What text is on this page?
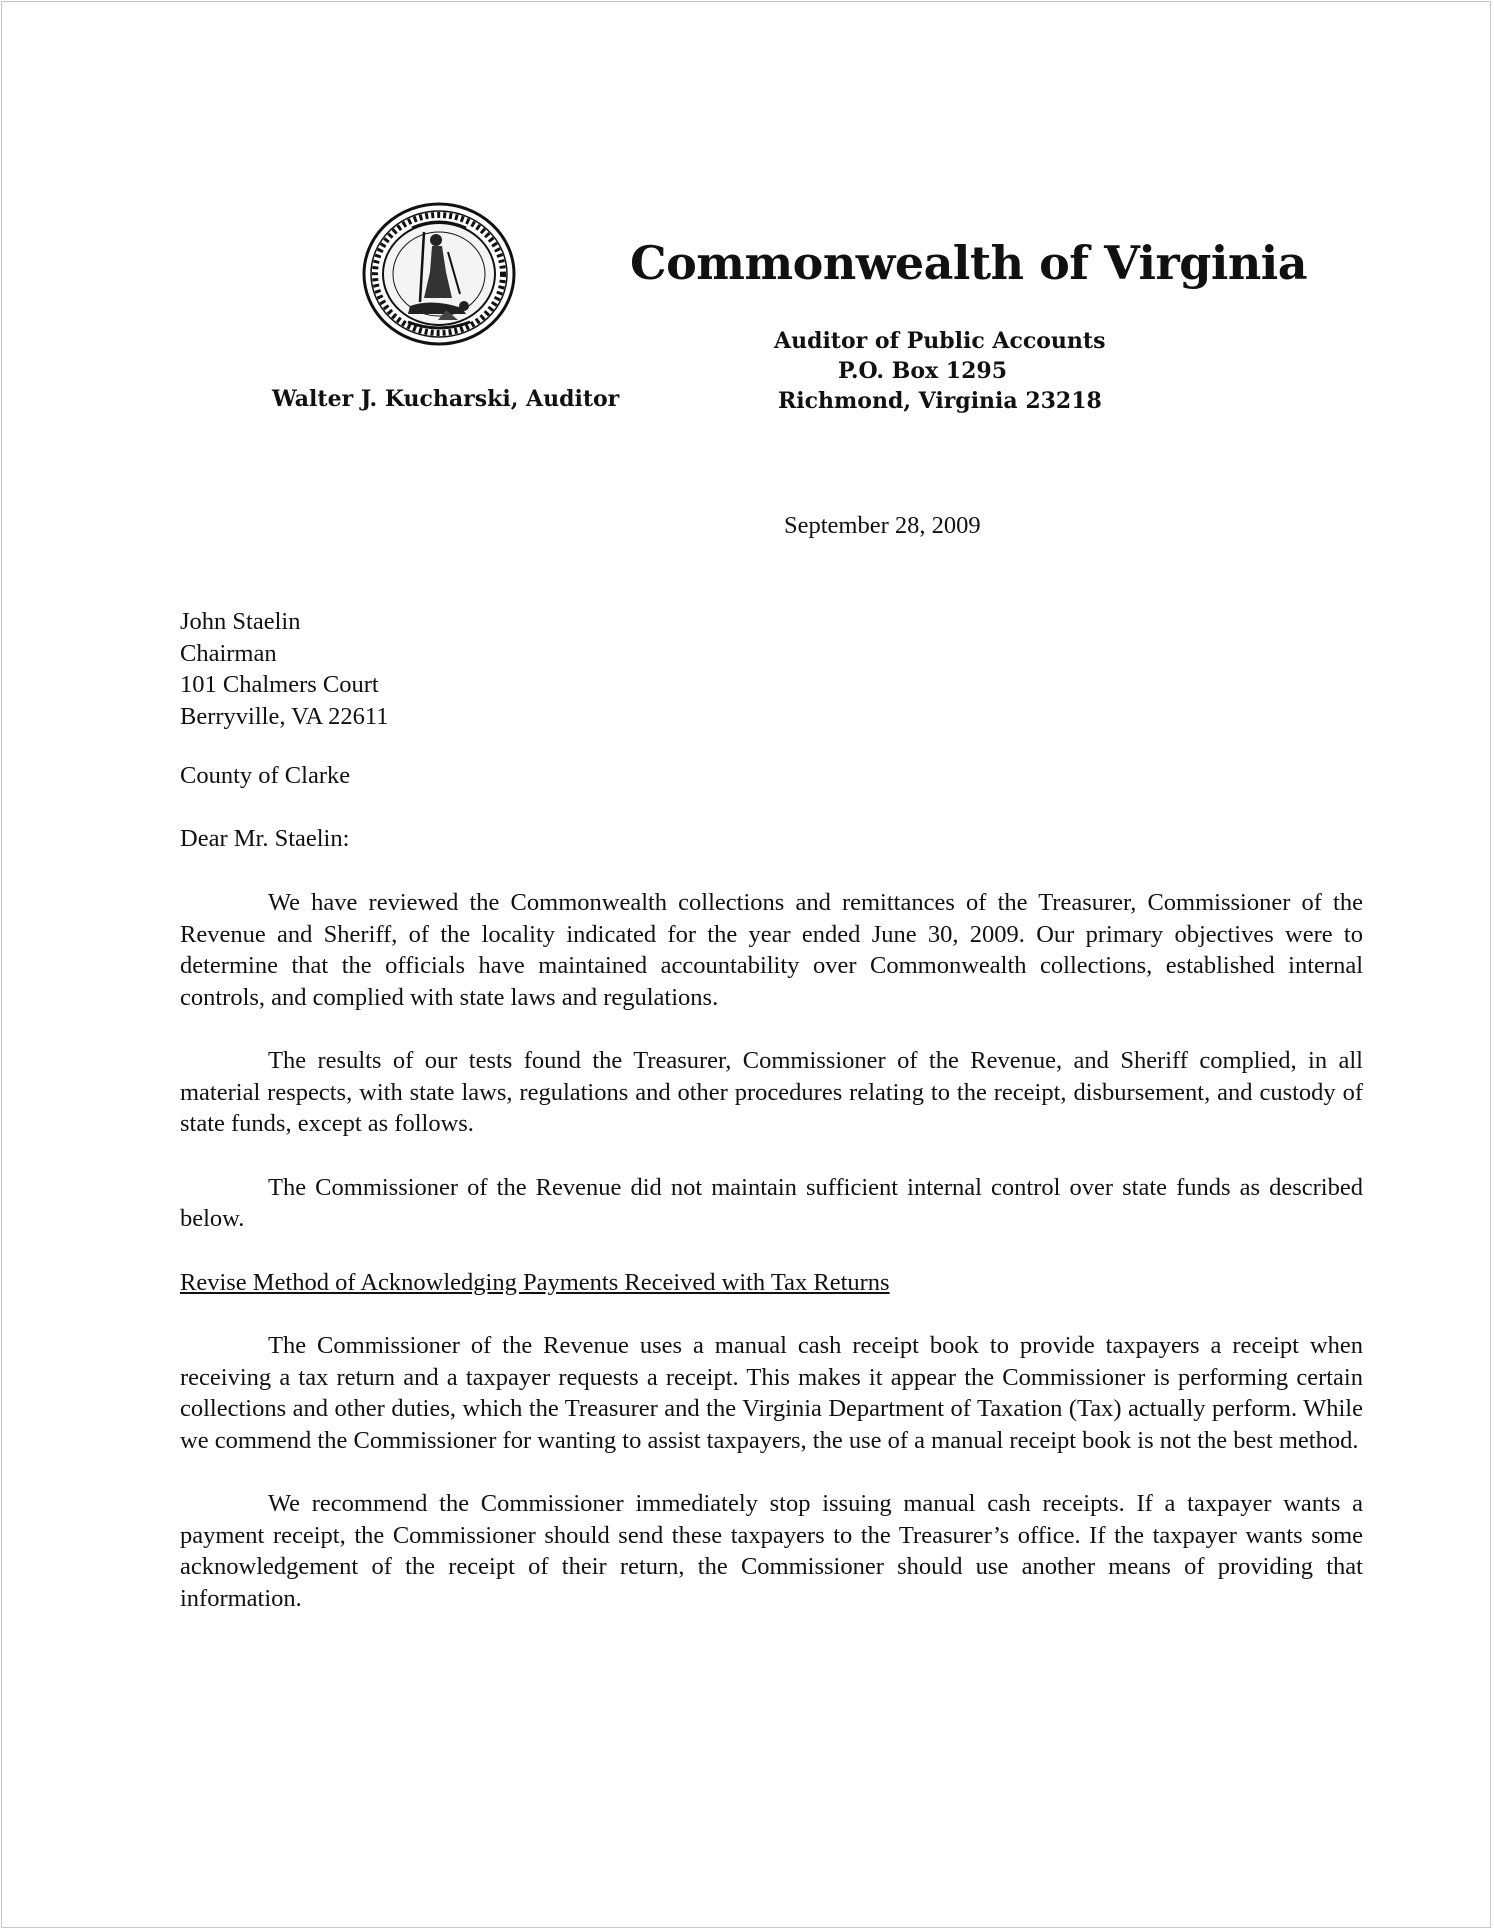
Commonwealth of Virginia
Auditor of Public Accounts
P.O. Box 1295
Richmond, Virginia 23218
Walter J. Kucharski, Auditor
September 28, 2009
John Staelin
Chairman
101 Chalmers Court
Berryville, VA 22611
County of Clarke
Dear Mr. Staelin:

We have reviewed the Commonwealth collections and remittances of the Treasurer, Commissioner of the Revenue and Sheriff, of the locality indicated for the year ended June 30, 2009. Our primary objectives were to determine that the officials have maintained accountability over Commonwealth collections, established internal controls, and complied with state laws and regulations.

The results of our tests found the Treasurer, Commissioner of the Revenue, and Sheriff complied, in all material respects, with state laws, regulations and other procedures relating to the receipt, disbursement, and custody of state funds, except as follows.

The Commissioner of the Revenue did not maintain sufficient internal control over state funds as described below.

Revise Method of Acknowledging Payments Received with Tax Returns

The Commissioner of the Revenue uses a manual cash receipt book to provide taxpayers a receipt when receiving a tax return and a taxpayer requests a receipt. This makes it appear the Commissioner is performing certain collections and other duties, which the Treasurer and the Virginia Department of Taxation (Tax) actually perform. While we commend the Commissioner for wanting to assist taxpayers, the use of a manual receipt book is not the best method.

We recommend the Commissioner immediately stop issuing manual cash receipts. If a taxpayer wants a payment receipt, the Commissioner should send these taxpayers to the Treasurer’s office. If the taxpayer wants some acknowledgement of the receipt of their return, the Commissioner should use another means of providing that information.
